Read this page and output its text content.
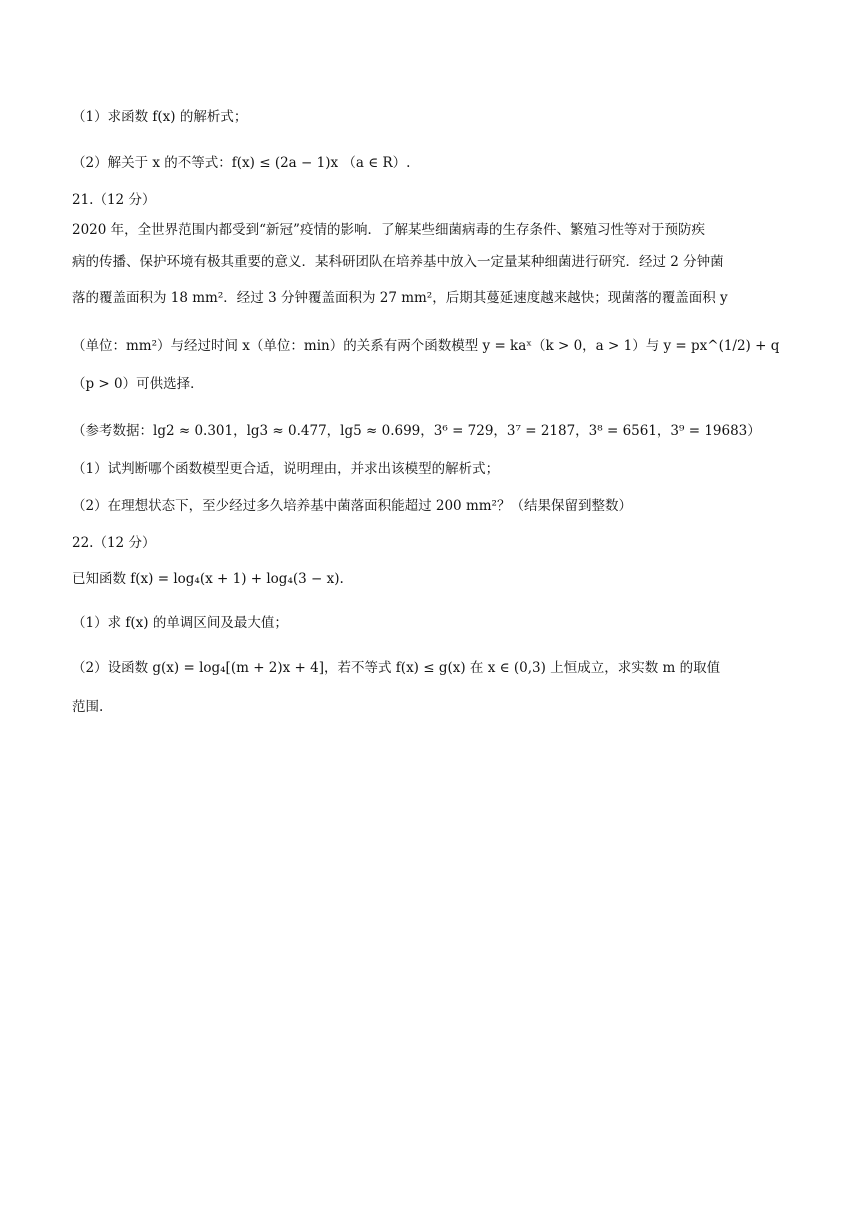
（1）求函数 f(x) 的解析式；
（2）解关于 x 的不等式：f(x) ≤ (2a − 1)x （a ∈ R）.
21.（12 分）
2020 年，全世界范围内都受到“新冠”疫情的影响．了解某些细菌病毒的生存条件、繁殖习性等对于预防疾
病的传播、保护环境有极其重要的意义．某科研团队在培养基中放入一定量某种细菌进行研究．经过 2 分钟菌
落的覆盖面积为 18 mm²．经过 3 分钟覆盖面积为 27 mm²，后期其蔓延速度越来越快；现菌落的覆盖面积 y
（单位：mm²）与经过时间 x（单位：min）的关系有两个函数模型 y = kaˣ（k > 0，a > 1）与 y = px^(1/2) + q
（p > 0）可供选择．
（参考数据：lg2 ≈ 0.301，lg3 ≈ 0.477，lg5 ≈ 0.699，3⁶ = 729，3⁷ = 2187，3⁸ = 6561，3⁹ = 19683）
（1）试判断哪个函数模型更合适，说明理由，并求出该模型的解析式；
（2）在理想状态下，至少经过多久培养基中菌落面积能超过 200 mm²？（结果保留到整数）
22.（12 分）
已知函数 f(x) = log₄(x + 1) + log₄(3 − x).
（1）求 f(x) 的单调区间及最大值；
（2）设函数 g(x) = log₄[(m + 2)x + 4]，若不等式 f(x) ≤ g(x) 在 x ∈ (0,3) 上恒成立，求实数 m 的取值
范围.
